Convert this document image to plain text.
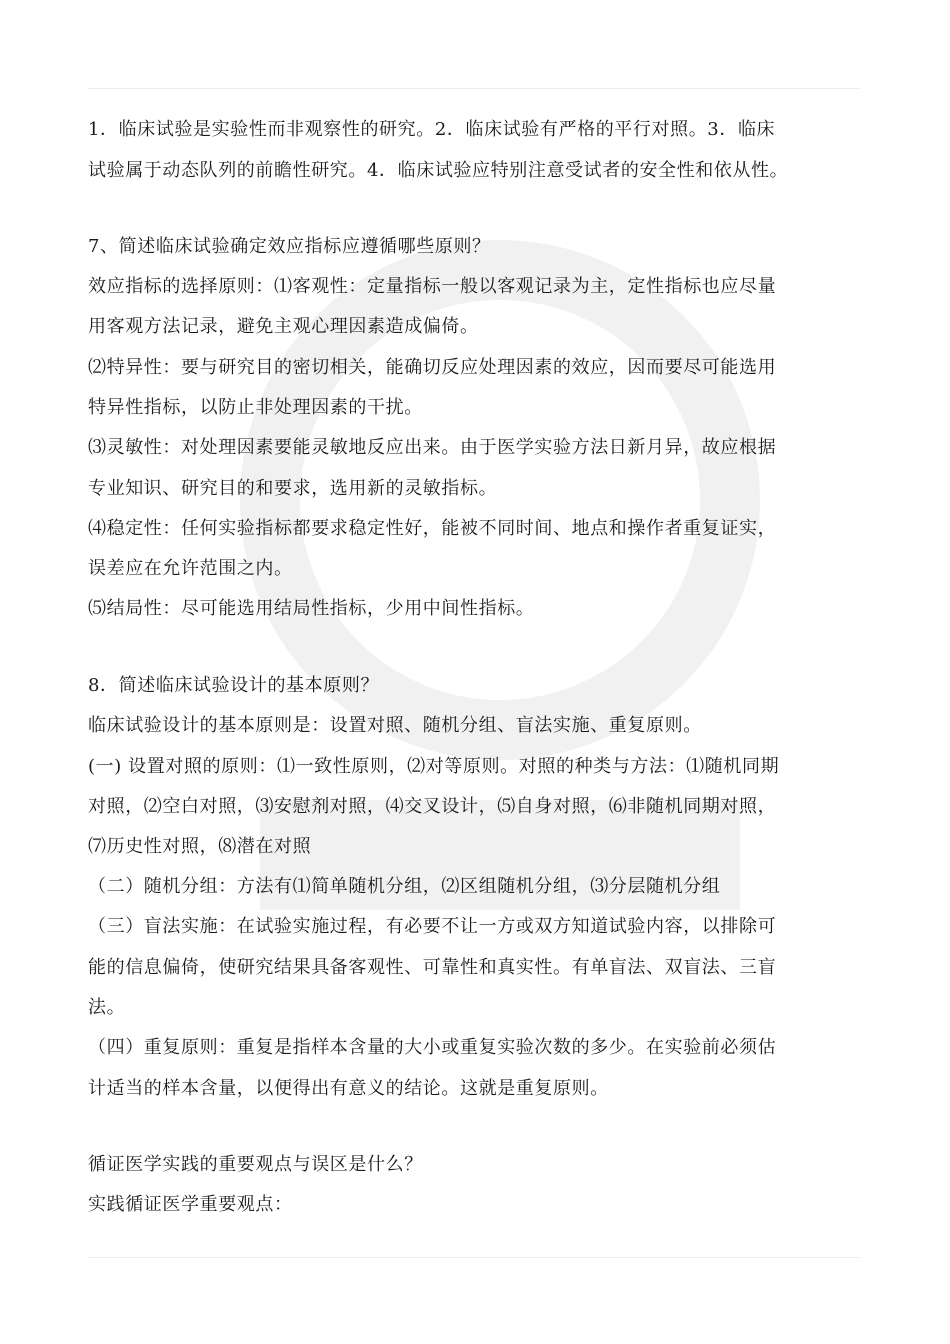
1．临床试验是实验性而非观察性的研究。2．临床试验有严格的平行对照。3．临床
试验属于动态队列的前瞻性研究。4．临床试验应特别注意受试者的安全性和依从性。
7、简述临床试验确定效应指标应遵循哪些原则？
效应指标的选择原则：⑴客观性：定量指标一般以客观记录为主，定性指标也应尽量
用客观方法记录，避免主观心理因素造成偏倚。
⑵特异性：要与研究目的密切相关，能确切反应处理因素的效应，因而要尽可能选用
特异性指标，以防止非处理因素的干扰。
⑶灵敏性：对处理因素要能灵敏地反应出来。由于医学实验方法日新月异，故应根据
专业知识、研究目的和要求，选用新的灵敏指标。
⑷稳定性：任何实验指标都要求稳定性好，能被不同时间、地点和操作者重复证实，
误差应在允许范围之内。
⑸结局性：尽可能选用结局性指标，少用中间性指标。
8．简述临床试验设计的基本原则？
临床试验设计的基本原则是：设置对照、随机分组、盲法实施、重复原则。
(一) 设置对照的原则：⑴一致性原则，⑵对等原则。对照的种类与方法：⑴随机同期
对照，⑵空白对照，⑶安慰剂对照，⑷交叉设计，⑸自身对照，⑹非随机同期对照，
⑺历史性对照，⑻潜在对照
（二）随机分组：方法有⑴简单随机分组，⑵区组随机分组，⑶分层随机分组
（三）盲法实施：在试验实施过程，有必要不让一方或双方知道试验内容，以排除可
能的信息偏倚，使研究结果具备客观性、可靠性和真实性。有单盲法、双盲法、三盲
法。
（四）重复原则：重复是指样本含量的大小或重复实验次数的多少。在实验前必须估
计适当的样本含量，以便得出有意义的结论。这就是重复原则。
循证医学实践的重要观点与误区是什么？
实践循证医学重要观点：
